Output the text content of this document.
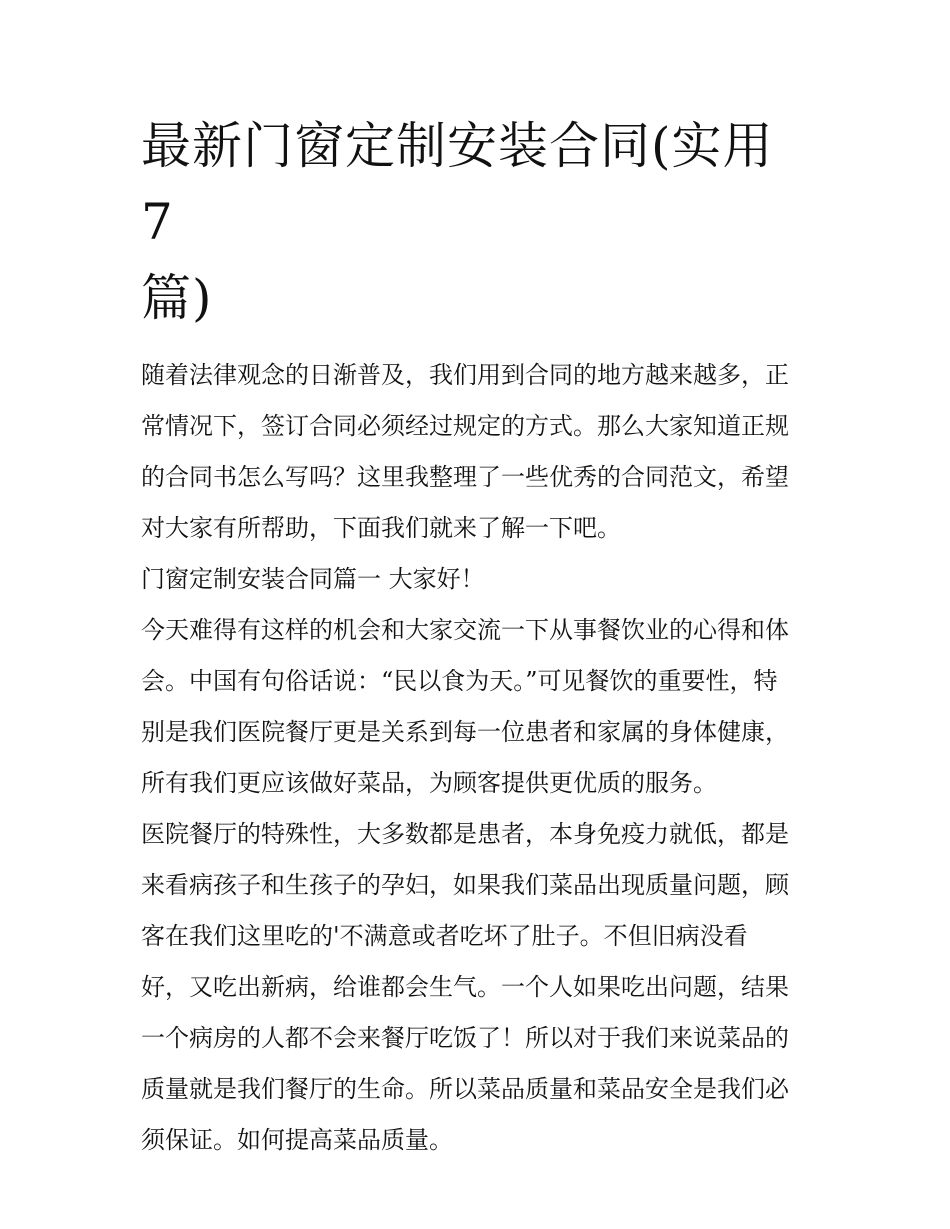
最新门窗定制安装合同(实用 7
篇)
随着法律观念的日渐普及，我们用到合同的地方越来越多，正
常情况下，签订合同必须经过规定的方式。那么大家知道正规
的合同书怎么写吗？这里我整理了一些优秀的合同范文，希望
对大家有所帮助，下面我们就来了解一下吧。
门窗定制安装合同篇一 大家好！
今天难得有这样的机会和大家交流一下从事餐饮业的心得和体
会。中国有句俗话说：“民以食为天。”可见餐饮的重要性，特
别是我们医院餐厅更是关系到每一位患者和家属的身体健康，
所有我们更应该做好菜品，为顾客提供更优质的服务。
医院餐厅的特殊性，大多数都是患者，本身免疫力就低，都是
来看病孩子和生孩子的孕妇，如果我们菜品出现质量问题，顾
客在我们这里吃的'不满意或者吃坏了肚子。不但旧病没看
好，又吃出新病，给谁都会生气。一个人如果吃出问题，结果
一个病房的人都不会来餐厅吃饭了！所以对于我们来说菜品的
质量就是我们餐厅的生命。所以菜品质量和菜品安全是我们必
须保证。如何提高菜品质量。
